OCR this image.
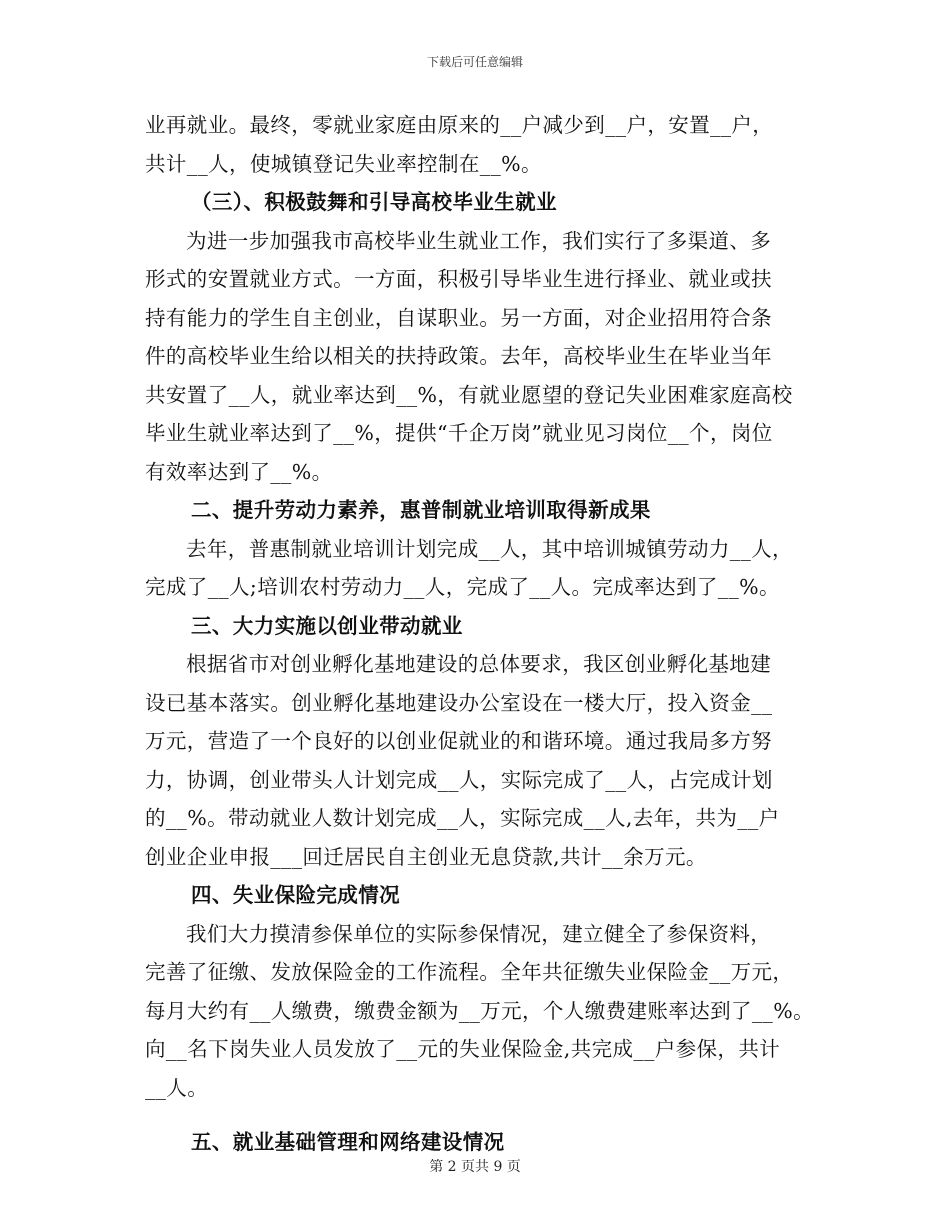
下载后可任意编辑
业再就业。最终，零就业家庭由原来的__户减少到__户，安置__户，
共计__人，使城镇登记失业率控制在__%。
（三）、积极鼓舞和引导高校毕业生就业
为进一步加强我市高校毕业生就业工作，我们实行了多渠道、多
形式的安置就业方式。一方面，积极引导毕业生进行择业、就业或扶
持有能力的学生自主创业，自谋职业。另一方面，对企业招用符合条
件的高校毕业生给以相关的扶持政策。去年，高校毕业生在毕业当年
共安置了__人，就业率达到__%，有就业愿望的登记失业困难家庭高校
毕业生就业率达到了__%，提供“千企万岗”就业见习岗位__个，岗位
有效率达到了__%。
二、提升劳动力素养，惠普制就业培训取得新成果
去年，普惠制就业培训计划完成__人，其中培训城镇劳动力__人，
完成了__人;培训农村劳动力__人，完成了__人。完成率达到了__%。
三、大力实施以创业带动就业
根据省市对创业孵化基地建设的总体要求，我区创业孵化基地建
设已基本落实。创业孵化基地建设办公室设在一楼大厅，投入资金__
万元，营造了一个良好的以创业促就业的和谐环境。通过我局多方努
力，协调，创业带头人计划完成__人，实际完成了__人，占完成计划
的__%。带动就业人数计划完成__人，实际完成__人,去年，共为__户
创业企业申报___回迁居民自主创业无息贷款,共计__余万元。
四、失业保险完成情况
我们大力摸清参保单位的实际参保情况，建立健全了参保资料，
完善了征缴、发放保险金的工作流程。全年共征缴失业保险金__万元，
每月大约有__人缴费，缴费金额为__万元，个人缴费建账率达到了__%。
向__名下岗失业人员发放了__元的失业保险金,共完成__户参保，共计
__人。
五、就业基础管理和网络建设情况
第 2 页共 9 页
